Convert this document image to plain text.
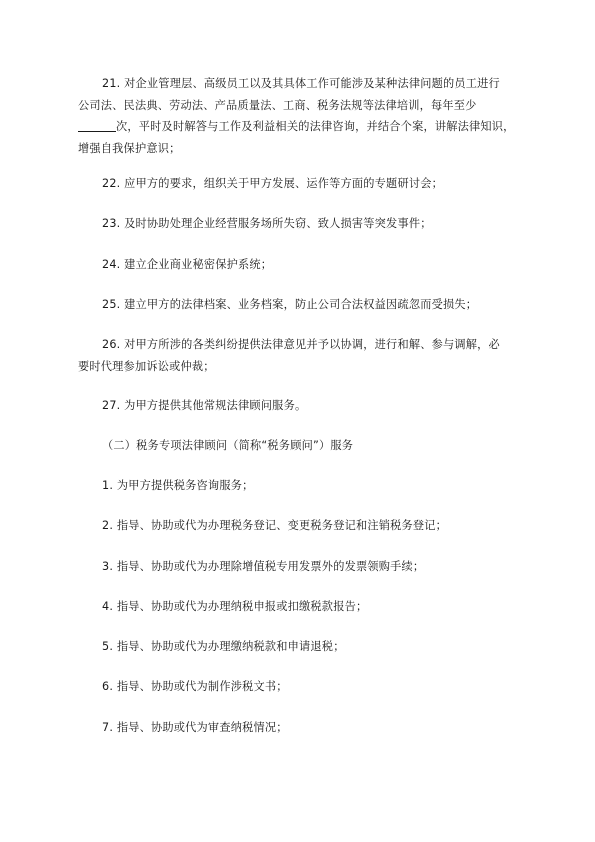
21. 对企业管理层、高级员工以及其具体工作可能涉及某种法律问题的员工进行
公司法、民法典、劳动法、产品质量法、工商、税务法规等法律培训，每年至少
次，平时及时解答与工作及利益相关的法律咨询，并结合个案，讲解法律知识，
增强自我保护意识；

22. 应甲方的要求，组织关于甲方发展、运作等方面的专题研讨会；

23. 及时协助处理企业经营服务场所失窃、致人损害等突发事件；

24. 建立企业商业秘密保护系统；

25. 建立甲方的法律档案、业务档案，防止公司合法权益因疏忽而受损失；

26. 对甲方所涉的各类纠纷提供法律意见并予以协调，进行和解、参与调解，必
要时代理参加诉讼或仲裁；

27. 为甲方提供其他常规法律顾问服务。

（二）税务专项法律顾问（简称“税务顾问”）服务

1. 为甲方提供税务咨询服务；

2. 指导、协助或代为办理税务登记、变更税务登记和注销税务登记；

3. 指导、协助或代为办理除增值税专用发票外的发票领购手续；

4. 指导、协助或代为办理纳税申报或扣缴税款报告；

5. 指导、协助或代为办理缴纳税款和申请退税；

6. 指导、协助或代为制作涉税文书；

7. 指导、协助或代为审查纳税情况；
